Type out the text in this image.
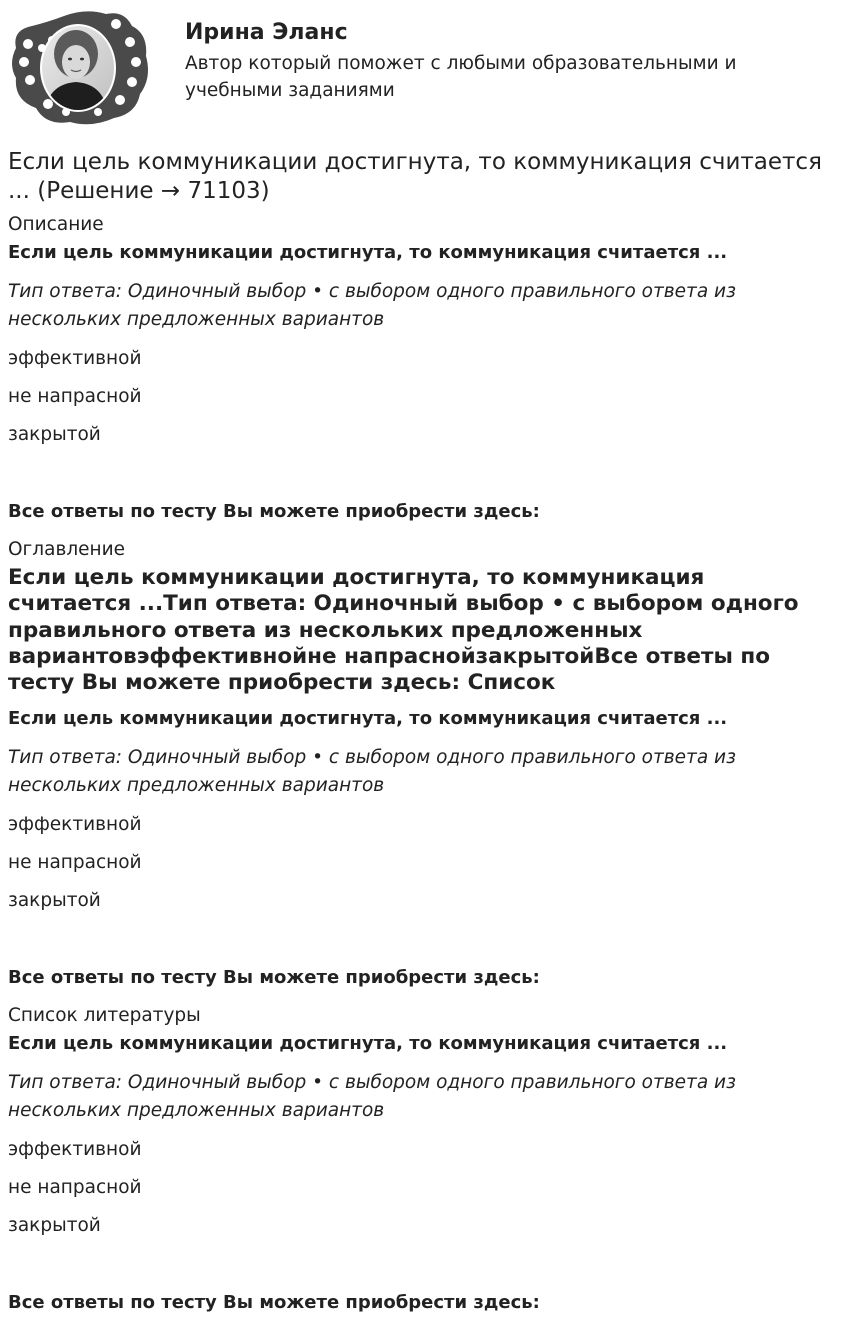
Ирина Эланс
Автор который поможет с любыми образовательными и учебными заданиями
Если цель коммуникации достигнута, то коммуникация считается ... (Решение → 71103)
Описание
Если цель коммуникации достигнута, то коммуникация считается ...
Тип ответа: Одиночный выбор • с выбором одного правильного ответа из нескольких предложенных вариантов
эффективной
не напрасной
закрытой
Все ответы по тесту Вы можете приобрести здесь:
Оглавление
Если цель коммуникации достигнута, то коммуникация считается ...Тип ответа: Одиночный выбор • с выбором одного правильного ответа из нескольких предложенных вариантовэффективнойне напраснойзакрытойВсе ответы по тесту Вы можете приобрести здесь: Список
Если цель коммуникации достигнута, то коммуникация считается ...
Тип ответа: Одиночный выбор • с выбором одного правильного ответа из нескольких предложенных вариантов
эффективной
не напрасной
закрытой
Все ответы по тесту Вы можете приобрести здесь:
Список литературы
Если цель коммуникации достигнута, то коммуникация считается ...
Тип ответа: Одиночный выбор • с выбором одного правильного ответа из нескольких предложенных вариантов
эффективной
не напрасной
закрытой
Все ответы по тесту Вы можете приобрести здесь:
